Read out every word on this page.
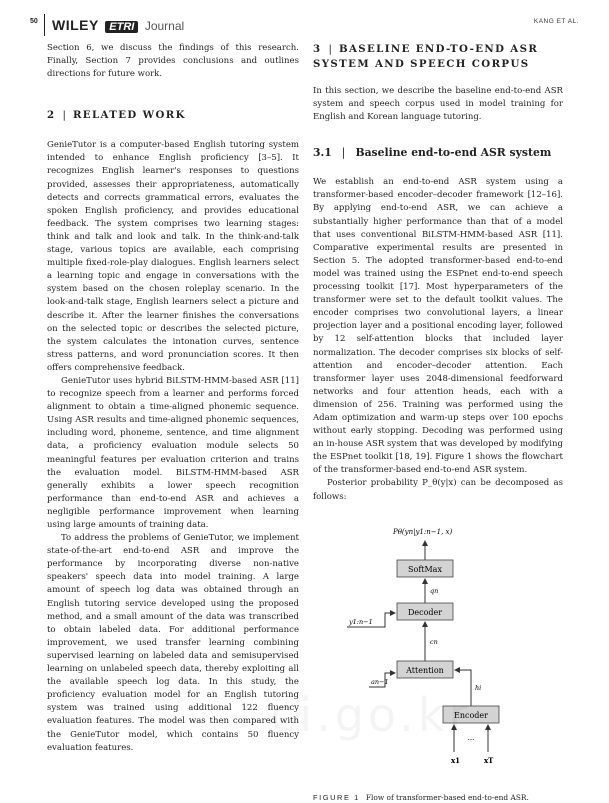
50 WILEY ETRI Journal	KANG ET AL.

Section 6, we discuss the findings of this research. Finally, Section 7 provides conclusions and outlines directions for future work.

2 | RELATED WORK

GenieTutor is a computer-based English tutoring system intended to enhance English proficiency [3–5]. It recognizes English learner's responses to questions provided, assesses their appropriateness, automatically detects and corrects grammatical errors, evaluates the spoken English proficiency, and provides educational feedback. The system comprises two learning stages: think and talk and look and talk. In the think-and-talk stage, various topics are available, each comprising multiple fixed-role-play dialogues. English learners select a learning topic and engage in conversations with the system based on the chosen roleplay scenario. In the look-and-talk stage, English learners select a picture and describe it. After the learner finishes the conversations on the selected topic or describes the selected picture, the system calculates the intonation curves, sentence stress patterns, and word pronunciation scores. It then offers comprehensive feedback.

GenieTutor uses hybrid BiLSTM-HMM-based ASR [11] to recognize speech from a learner and performs forced alignment to obtain a time-aligned phonemic sequence. Using ASR results and time-aligned phonemic sequences, including word, phoneme, sentence, and time alignment data, a proficiency evaluation module selects 50 meaningful features per evaluation criterion and trains the evaluation model. BiLSTM-HMM-based ASR generally exhibits a lower speech recognition performance than end-to-end ASR and achieves a negligible performance improvement when learning using large amounts of training data.

To address the problems of GenieTutor, we implement state-of-the-art end-to-end ASR and improve the performance by incorporating diverse non-native speakers' speech data into model training. A large amount of speech log data was obtained through an English tutoring service developed using the proposed method, and a small amount of the data was transcribed to obtain labeled data. For additional performance improvement, we used transfer learning combining supervised learning on labeled data and semisupervised learning on unlabeled speech data, thereby exploiting all the available speech log data. In this study, the proficiency evaluation model for an English tutoring system was trained using additional 122 fluency evaluation features. The model was then compared with the GenieTutor model, which contains 50 fluency evaluation features.

3 | BASELINE END-TO-END ASR SYSTEM AND SPEECH CORPUS

In this section, we describe the baseline end-to-end ASR system and speech corpus used in model training for English and Korean language tutoring.

3.1 | Baseline end-to-end ASR system

We establish an end-to-end ASR system using a transformer-based encoder–decoder framework [12–16]. By applying end-to-end ASR, we can achieve a substantially higher performance than that of a model that uses conventional BiLSTM-HMM-based ASR [11]. Comparative experimental results are presented in Section 5. The adopted transformer-based end-to-end model was trained using the ESPnet end-to-end speech processing toolkit [17]. Most hyperparameters of the transformer were set to the default toolkit values. The encoder comprises two convolutional layers, a linear projection layer and a positional encoding layer, followed by 12 self-attention blocks that included layer normalization. The decoder comprises six blocks of self-attention and encoder–decoder attention. Each transformer layer uses 2048-dimensional feedforward networks and four attention heads, each with a dimension of 256. Training was performed using the Adam optimization and warm-up steps over 100 epochs without early stopping. Decoding was performed using an in-house ASR system that was developed by modifying the ESPnet toolkit [18, 19]. Figure 1 shows the flowchart of the transformer-based end-to-end ASR system.

Posterior probability P_θ(y|x) can be decomposed as follows:

Pθ(yn|y1:n−1, x)
SoftMax
qn
Decoder
y1:n−1
cn
Attention
an−1
hi
Encoder
...
x1	xT
FIGURE 1 Flow of transformer-based end-to-end ASR.
